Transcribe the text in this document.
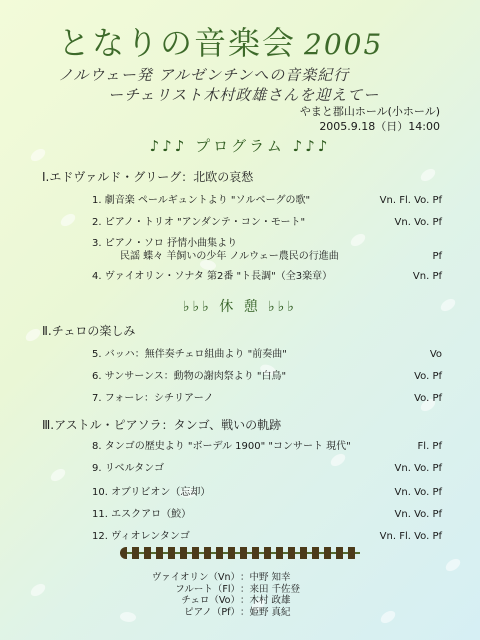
となりの音楽会 2005
ノルウェー発 アルゼンチンへの音楽紀行
ーチェリスト木村政雄さんを迎えてー
やまと郡山ホール(小ホール)
2005.9.18（日）14:00
♪♪♪ プログラム ♪♪♪
Ⅰ.エドヴァルド・グリーグ：北欧の哀愁
1. 劇音楽 ペールギュントより "ソルベーグの歌"	Vn. Fl. Vo. Pf
2. ピアノ・トリオ "アンダンテ・コン・モート"	Vn. Vo. Pf
3. ピアノ・ソロ 抒情小曲集より
民謡 蝶々 羊飼いの少年 ノルウェー農民の行進曲	Pf
4. ヴァイオリン・ソナタ 第2番 "ト長調"（全3楽章）	Vn. Pf
♭♭♭ 休 憩 ♭♭♭
Ⅱ.チェロの楽しみ
5. バッハ：無伴奏チェロ組曲より "前奏曲"	Vo
6. サンサーンス：動物の謝肉祭より "白鳥"	Vo. Pf
7. フォーレ：シチリアーノ	Vo. Pf
Ⅲ.アストル・ピアソラ：タンゴ、戦いの軌跡
8. タンゴの歴史より "ボーデル 1900" "コンサート 現代"	Fl. Pf
9. リベルタンゴ	Vn. Vo. Pf
10. オブリビオン（忘却）	Vn. Vo. Pf
11. エスクアロ（鮫）	Vn. Vo. Pf
12. ヴィオレンタンゴ	Vn. Fl. Vo. Pf
ヴァイオリン（Vn） ：中野 知幸
フルート（Fl） ：来田 千佐登
チェロ（Vo） ：木村 政雄
ピアノ（Pf） ：姫野 真紀
